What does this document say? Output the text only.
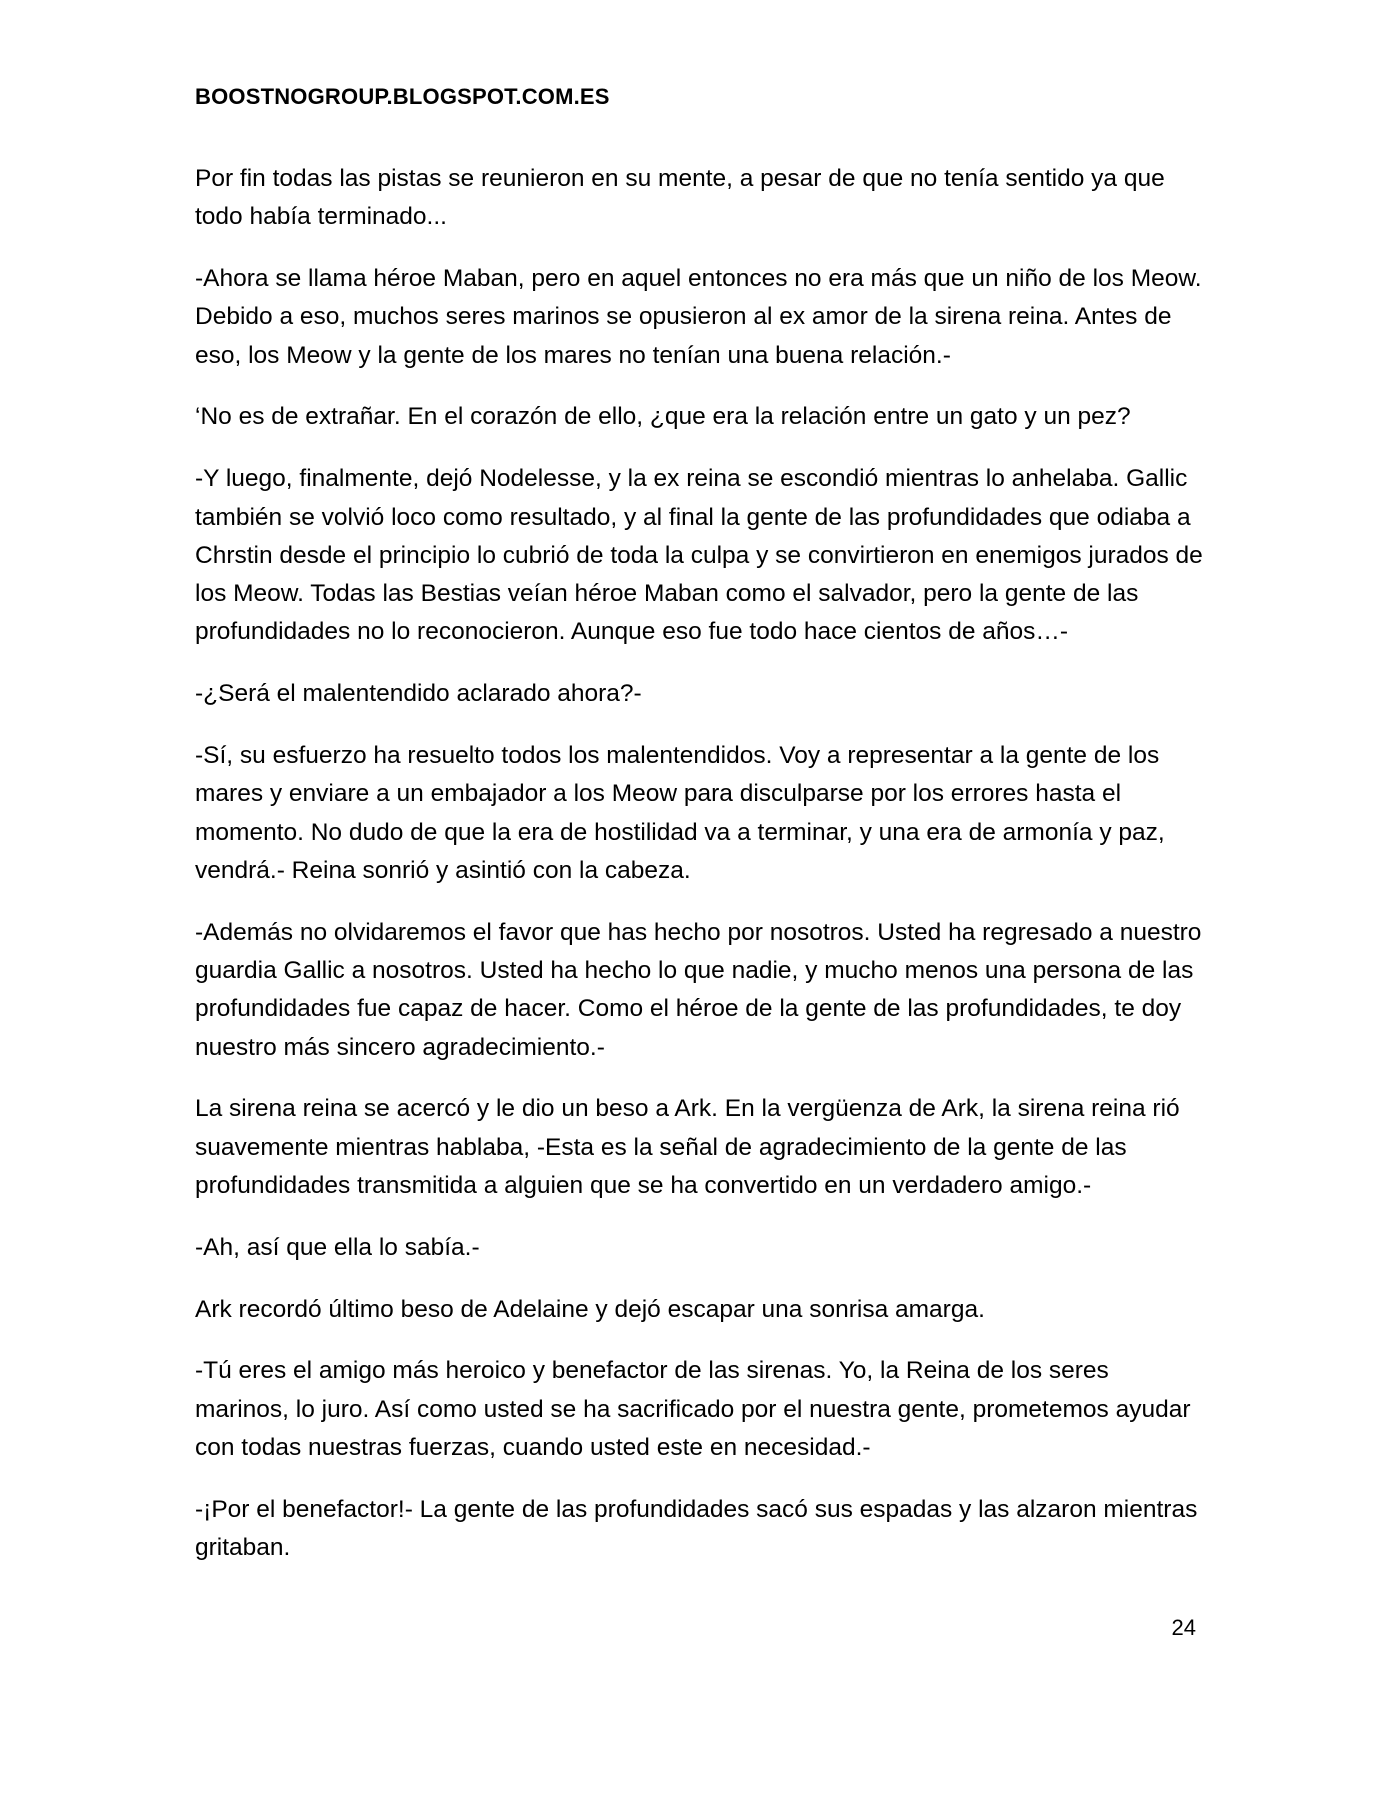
BOOSTNOGROUP.BLOGSPOT.COM.ES

Por fin todas las pistas se reunieron en su mente, a pesar de que no tenía sentido ya que todo había terminado...

-Ahora se llama héroe Maban, pero en aquel entonces no era más que un niño de los Meow. Debido a eso, muchos seres marinos se opusieron al ex amor de la sirena reina. Antes de eso, los Meow y la gente de los mares no tenían una buena relación.-

‘No es de extrañar. En el corazón de ello, ¿que era la relación entre un gato y un pez?

-Y luego, finalmente, dejó Nodelesse, y la ex reina se escondió mientras lo anhelaba. Gallic también se volvió loco como resultado, y al final la gente de las profundidades que odiaba a Chrstin desde el principio lo cubrió de toda la culpa y se convirtieron en enemigos jurados de los Meow. Todas las Bestias veían héroe Maban como el salvador, pero la gente de las profundidades no lo reconocieron. Aunque eso fue todo hace cientos de años…-

-¿Será el malentendido aclarado ahora?-

-Sí, su esfuerzo ha resuelto todos los malentendidos. Voy a representar a la gente de los mares y enviare a un embajador a los Meow para disculparse por los errores hasta el momento. No dudo de que la era de hostilidad va a terminar, y una era de armonía y paz, vendrá.- Reina sonrió y asintió con la cabeza.

-Además no olvidaremos el favor que has hecho por nosotros. Usted ha regresado a nuestro guardia Gallic a nosotros. Usted ha hecho lo que nadie, y mucho menos una persona de las profundidades fue capaz de hacer. Como el héroe de la gente de las profundidades, te doy nuestro más sincero agradecimiento.-

La sirena reina se acercó y le dio un beso a Ark. En la vergüenza de Ark, la sirena reina rió suavemente mientras hablaba, -Esta es la señal de agradecimiento de la gente de las profundidades transmitida a alguien que se ha convertido en un verdadero amigo.-

-Ah, así que ella lo sabía.-

Ark recordó último beso de Adelaine y dejó escapar una sonrisa amarga.

-Tú eres el amigo más heroico y benefactor de las sirenas. Yo, la Reina de los seres marinos, lo juro. Así como usted se ha sacrificado por el nuestra gente, prometemos ayudar con todas nuestras fuerzas, cuando usted este en necesidad.-

-¡Por el benefactor!- La gente de las profundidades sacó sus espadas y las alzaron mientras gritaban.

24
